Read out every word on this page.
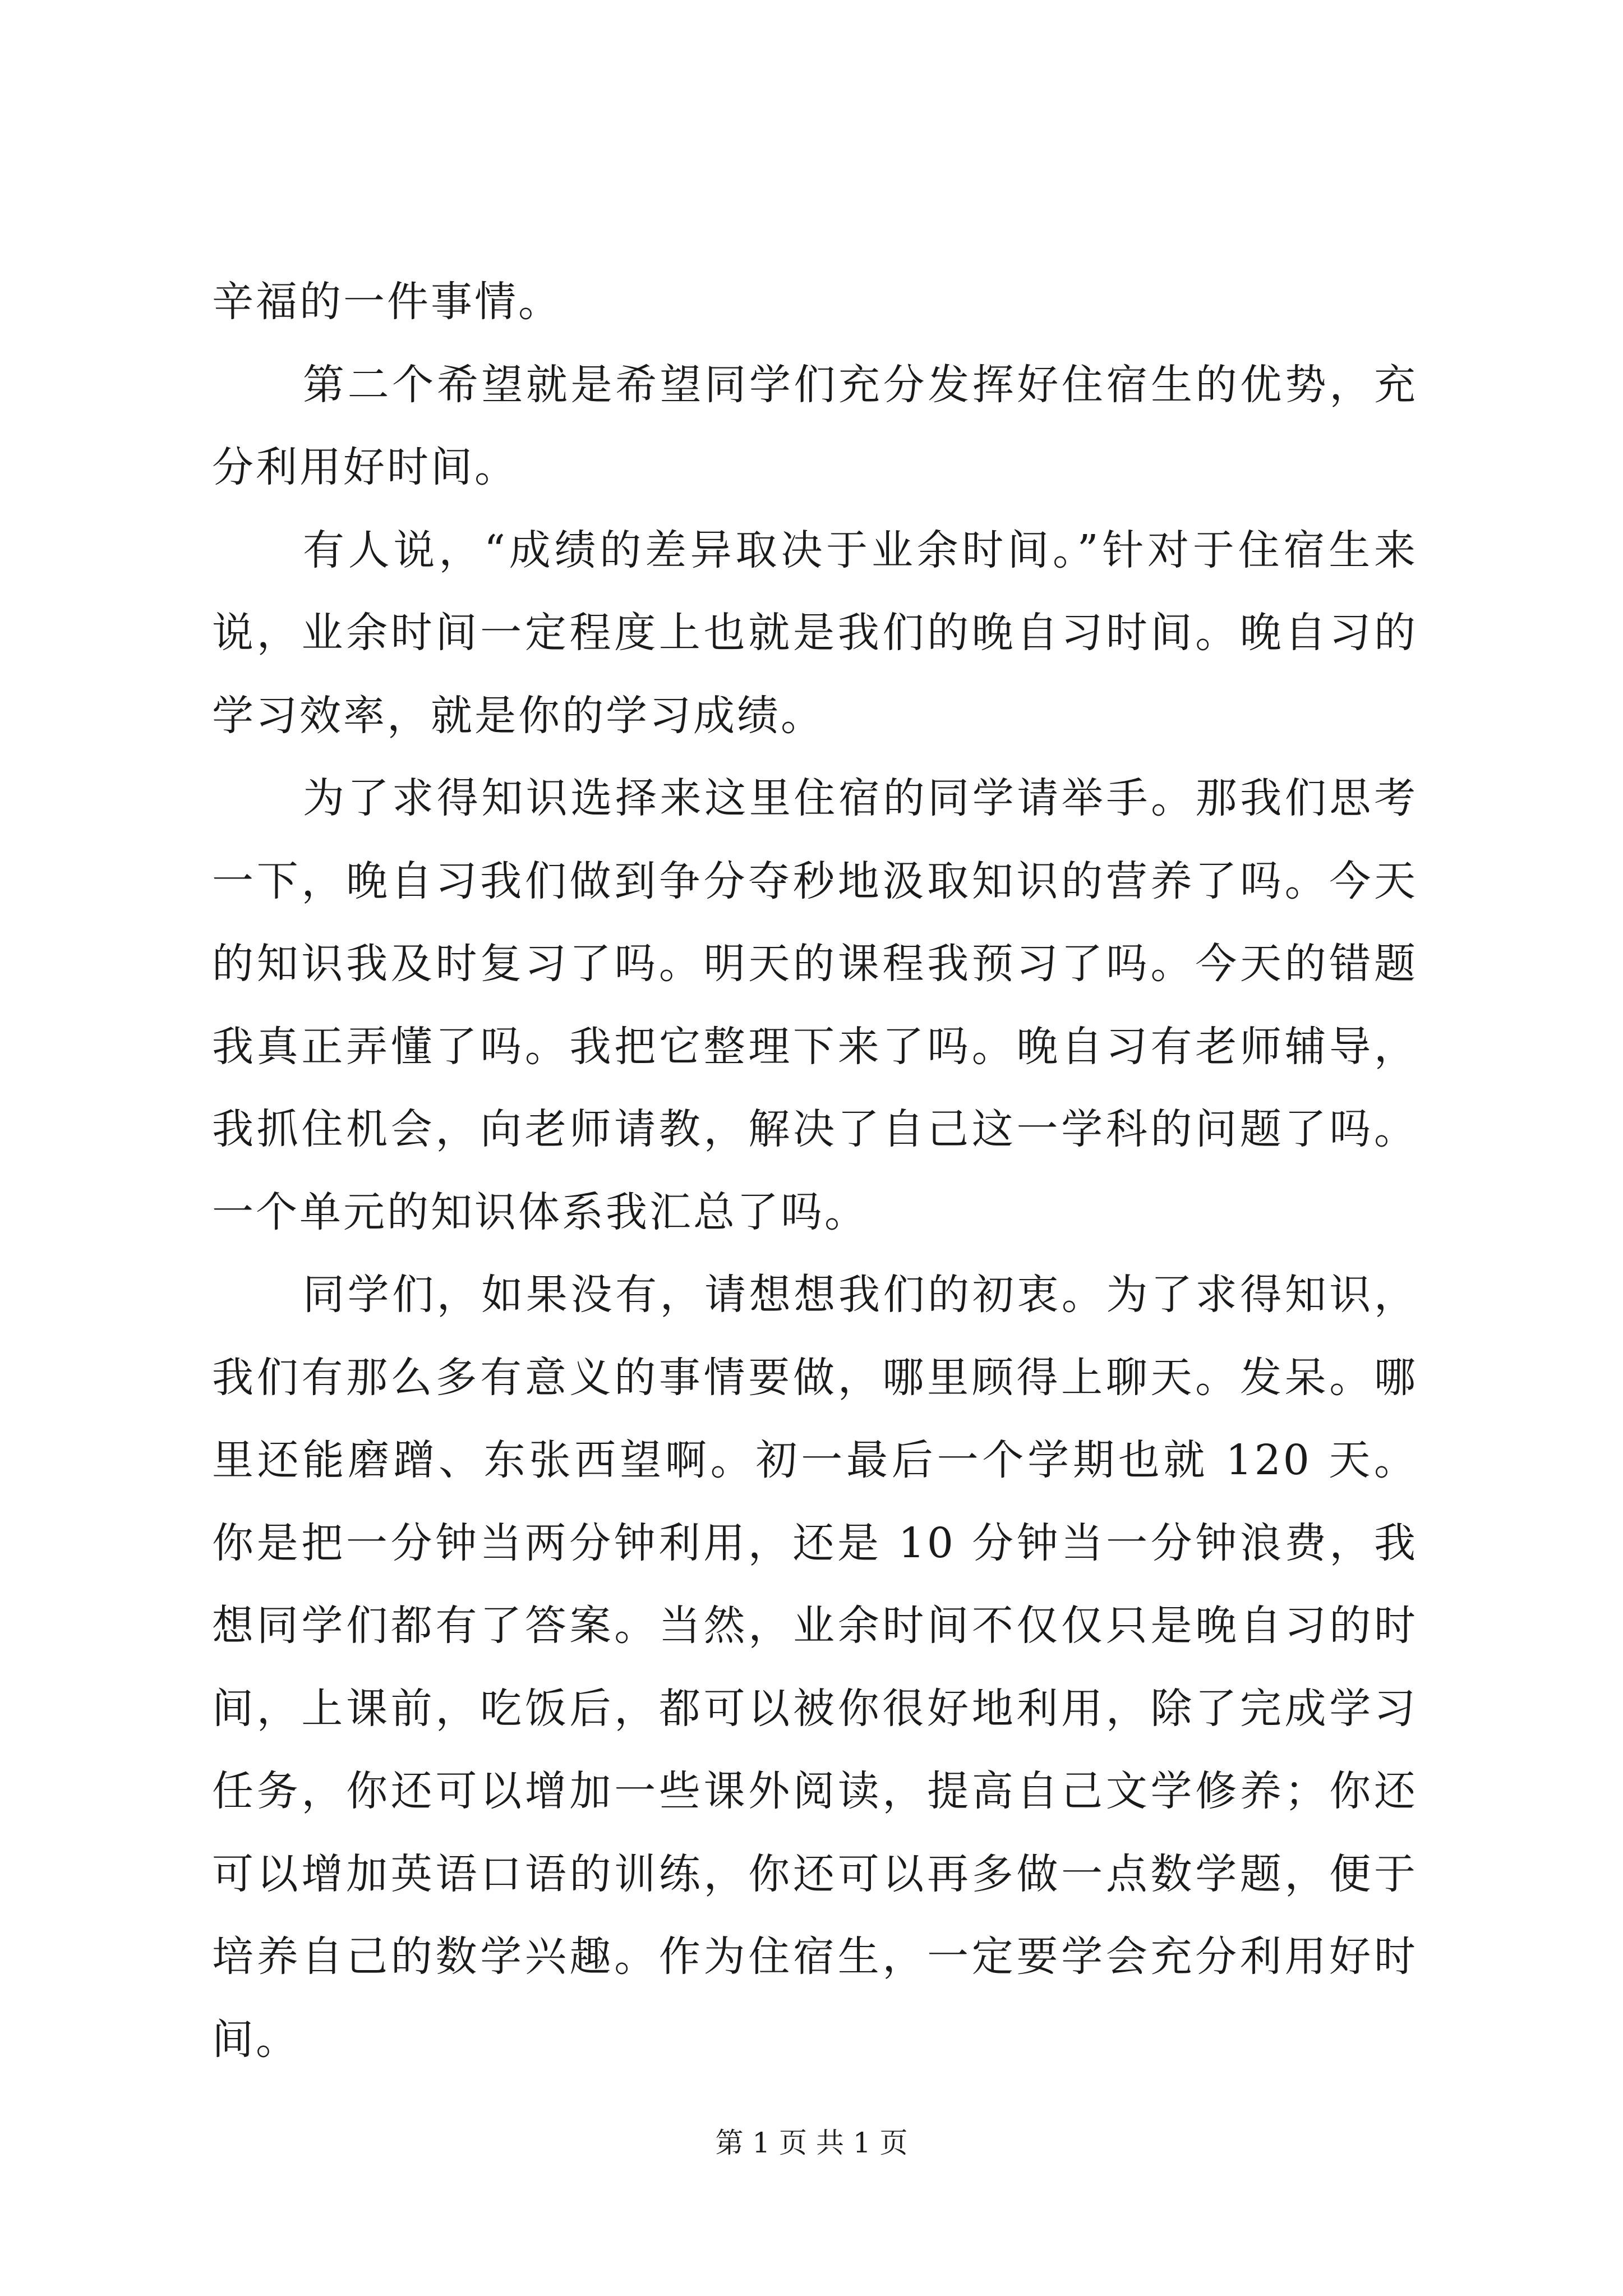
辛福的一件事情。

第二个希望就是希望同学们充分发挥好住宿生的优势，充分利用好时间。

有人说，“成绩的差异取决于业余时间。”针对于住宿生来说，业余时间一定程度上也就是我们的晚自习时间。晚自习的学习效率，就是你的学习成绩。

为了求得知识选择来这里住宿的同学请举手。那我们思考一下，晚自习我们做到争分夺秒地汲取知识的营养了吗。今天的知识我及时复习了吗。明天的课程我预习了吗。今天的错题我真正弄懂了吗。我把它整理下来了吗。晚自习有老师辅导，我抓住机会，向老师请教，解决了自己这一学科的问题了吗。一个单元的知识体系我汇总了吗。

同学们，如果没有，请想想我们的初衷。为了求得知识，我们有那么多有意义的事情要做，哪里顾得上聊天。发呆。哪里还能磨蹭、东张西望啊。初一最后一个学期也就 120 天。你是把一分钟当两分钟利用，还是 10 分钟当一分钟浪费，我想同学们都有了答案。当然，业余时间不仅仅只是晚自习的时间，上课前，吃饭后，都可以被你很好地利用，除了完成学习任务，你还可以增加一些课外阅读，提高自己文学修养；你还可以增加英语口语的训练，你还可以再多做一点数学题，便于培养自己的数学兴趣。作为住宿生，一定要学会充分利用好时间。

第 1 页 共 1 页
